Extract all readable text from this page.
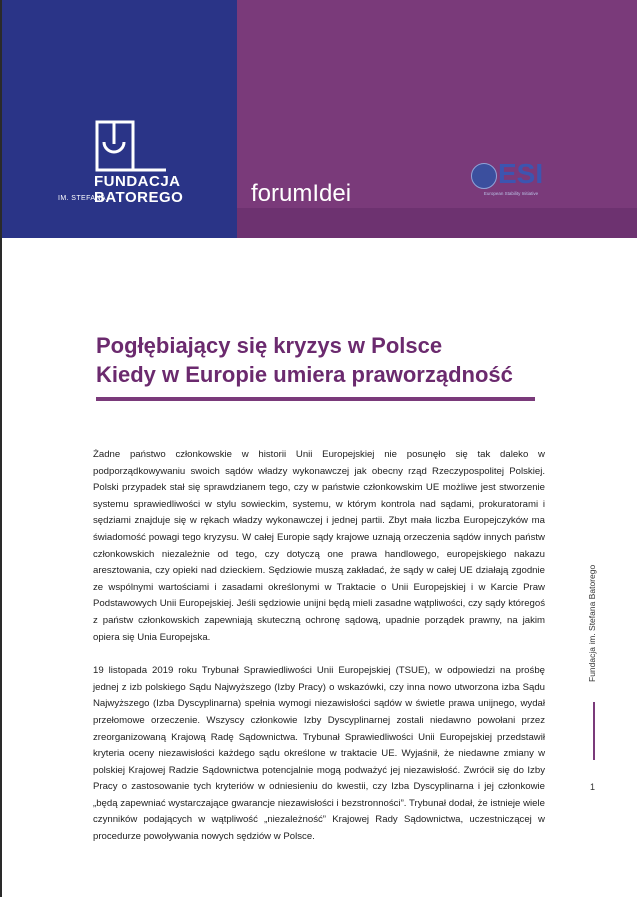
FUNDACJA
IM. STEFANA
BATOREGO	forumIdei
ESI
European Stability Initiative
Pogłębiający się kryzys w Polsce
Kiedy w Europie umiera praworządność

Żadne państwo członkowskie w historii Unii Europejskiej nie posunęło się tak daleko w podporządkowywaniu swoich sądów władzy wykonawczej jak obecny rząd Rzeczypospolitej Polskiej. Polski przypadek stał się sprawdzianem tego, czy w państwie członkowskim UE możliwe jest stworzenie systemu sprawiedliwości w stylu sowieckim, systemu, w którym kontrola nad sądami, prokuratorami i sędziami znajduje się w rękach władzy wykonawczej i jednej partii. Zbyt mała liczba Europejczyków ma świadomość powagi tego kryzysu. W całej Europie sądy krajowe uznają orzeczenia sądów innych państw członkowskich niezależnie od tego, czy dotyczą one prawa handlowego, europejskiego nakazu aresztowania, czy opieki nad dzieckiem. Sędziowie muszą zakładać, że sądy w całej UE działają zgodnie ze wspólnymi wartościami i zasadami określonymi w Traktacie o Unii Europejskiej i w Karcie Praw Podstawowych Unii Europejskiej. Jeśli sędziowie unijni będą mieli zasadne wątpliwości, czy sądy któregoś z państw członkowskich zapewniają skuteczną ochronę sądową, upadnie porządek prawny, na jakim opiera się Unia Europejska.

19 listopada 2019 roku Trybunał Sprawiedliwości Unii Europejskiej (TSUE), w odpowiedzi na prośbę jednej z izb polskiego Sądu Najwyższego (Izby Pracy) o wskazówki, czy inna nowo utworzona izba Sądu Najwyższego (Izba Dyscyplinarna) spełnia wymogi niezawisłości sądów w świetle prawa unijnego, wydał przełomowe orzeczenie. Wszyscy członkowie Izby Dyscyplinarnej zostali niedawno powołani przez zreorganizowaną Krajową Radę Sądownictwa. Trybunał Sprawiedliwości Unii Europejskiej przedstawił kryteria oceny niezawisłości każdego sądu określone w traktacie UE. Wyjaśnił, że niedawne zmiany w polskiej Krajowej Radzie Sądownictwa potencjalnie mogą podważyć jej niezawisłość. Zwrócił się do Izby Pracy o zastosowanie tych kryteriów w odniesieniu do kwestii, czy Izba Dyscyplinarna i jej członkowie „będą zapewniać wystarczające gwarancje niezawisłości i bezstronności”. Trybunał dodał, że istnieje wiele czynników podających w wątpliwość „niezależność” Krajowej Rady Sądownictwa, uczestniczącej w procedurze powoływania nowych sędziów w Polsce.

Fundacja im. Stefana Batorego
1
